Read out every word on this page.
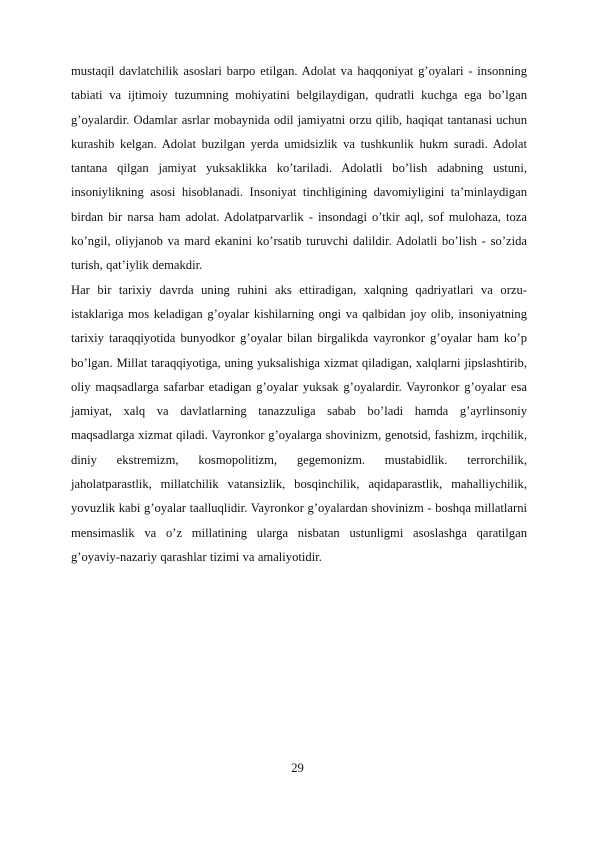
mustaqil davlatchilik asoslari barpo etilgan. Adolat va haqqoniyat g’oyalari - insonning tabiati va ijtimoiy tuzumning mohiyatini belgilaydigan, qudratli kuchga ega bo’lgan g’oyalardir. Odamlar asrlar mobaynida odil jamiyatni orzu qilib, haqiqat tantanasi uchun kurashib kelgan. Adolat buzilgan yerda umidsizlik va tushkunlik hukm suradi. Adolat tantana qilgan jamiyat yuksaklikka ko’tariladi. Adolatli bo’lish adabning ustuni, insoniylikning asosi hisoblanadi. Insoniyat tinchligining davomiyligini ta’minlaydigan birdan bir narsa ham adolat. Adolatparvarlik - insondagi o’tkir aql, sof mulohaza, toza ko’ngil, oliyjanob va mard ekanini ko’rsatib turuvchi dalildir. Adolatli bo’lish - so’zida turish, qat’iylik demakdir.

Har bir tarixiy davrda uning ruhini aks ettiradigan, xalqning qadriyatlari va orzu-istaklariga mos keladigan g’oyalar kishilarning ongi va qalbidan joy olib, insoniyatning tarixiy taraqqiyotida bunyodkor g’oyalar bilan birgalikda vayronkor g’oyalar ham ko’p bo’lgan. Millat taraqqiyotiga, uning yuksalishiga xizmat qiladigan, xalqlarni jipslashtirib, oliy maqsadlarga safarbar etadigan g’oyalar yuksak g’oyalardir. Vayronkor g’oyalar esa jamiyat, xalq va davlatlarning tanazzuliga sabab bo’ladi hamda g’ayrlinsoniy maqsadlarga xizmat qiladi. Vayronkor g’oyalarga shovinizm, genotsid, fashizm, irqchilik, diniy ekstremizm, kosmopolitizm, gegemonizm. mustabidlik. terrorchilik, jaholatparastlik, millatchilik vatansizlik, bosqinchilik, aqidaparastlik, mahalliychilik, yovuzlik kabi g’oyalar taalluqlidir. Vayronkor g’oyalardan shovinizm - boshqa millatlarni mensimaslik va o’z millatining ularga nisbatan ustunligmi asoslashga qaratilgan g’oyaviy-nazariy qarashlar tizimi va amaliyotidir.

29
